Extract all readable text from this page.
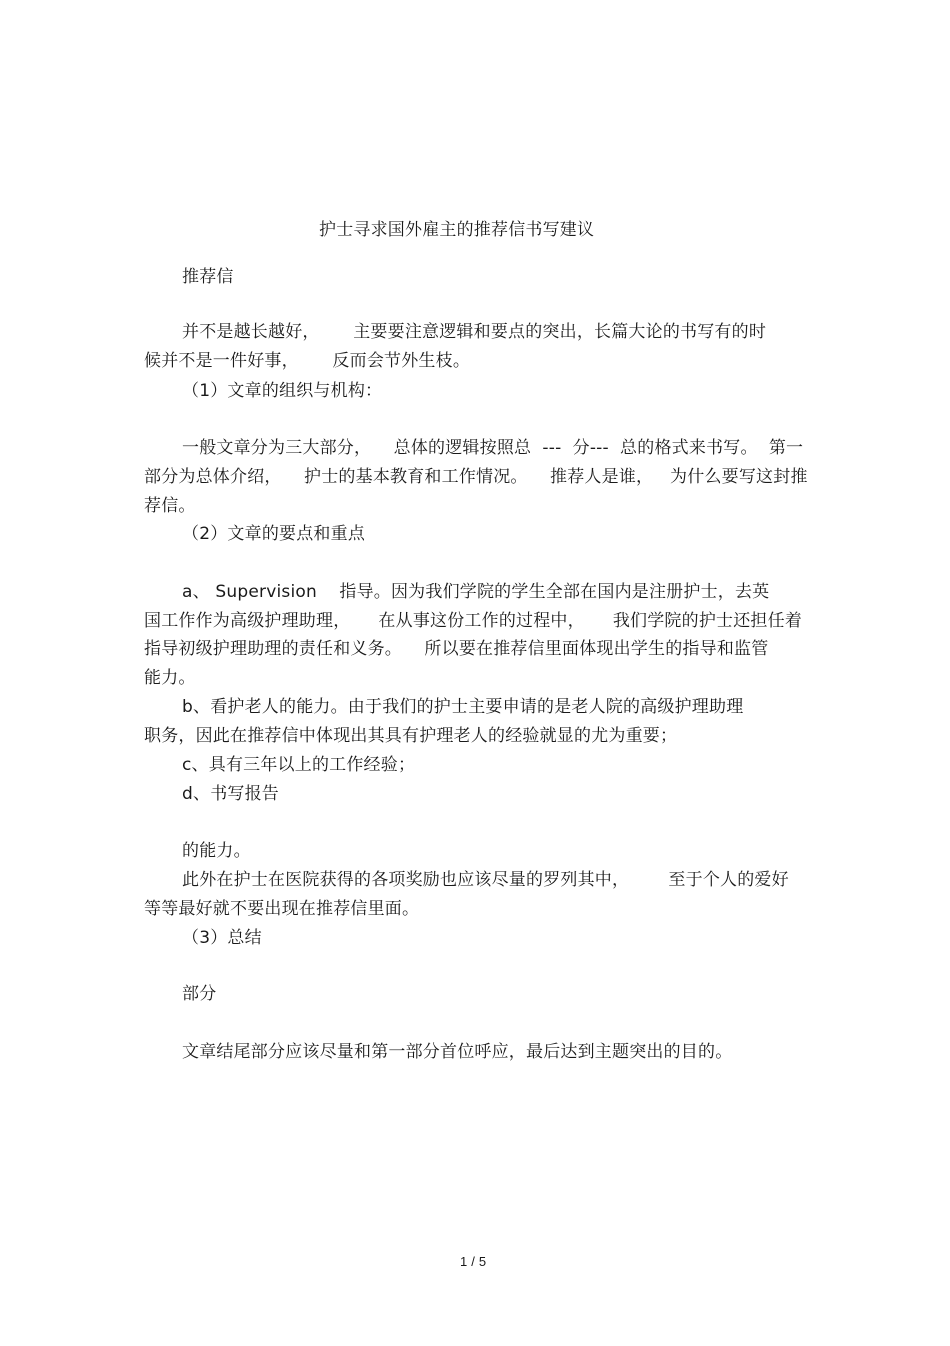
护士寻求国外雇主的推荐信书写建议
推荐信
并不是越长越好，      主要要注意逻辑和要点的突出，长篇大论的书写有的时
候并不是一件好事，      反而会节外生枝。
（1）文章的组织与机构：
一般文章分为三大部分，    总体的逻辑按照总  ---  分---  总的格式来书写。  第一
部分为总体介绍，    护士的基本教育和工作情况。    推荐人是谁，   为什么要写这封推
荐信。
（2）文章的要点和重点
a、 Supervision    指导。因为我们学院的学生全部在国内是注册护士，去英
国工作作为高级护理助理，     在从事这份工作的过程中，     我们学院的护士还担任着
指导初级护理助理的责任和义务。    所以要在推荐信里面体现出学生的指导和监管
能力。
b、看护老人的能力。由于我们的护士主要申请的是老人院的高级护理助理
职务，因此在推荐信中体现出其具有护理老人的经验就显的尤为重要；
c、具有三年以上的工作经验；
d、书写报告
的能力。
此外在护士在医院获得的各项奖励也应该尽量的罗列其中，       至于个人的爱好
等等最好就不要出现在推荐信里面。
（3）总结
部分
文章结尾部分应该尽量和第一部分首位呼应，最后达到主题突出的目的。
1 / 5
